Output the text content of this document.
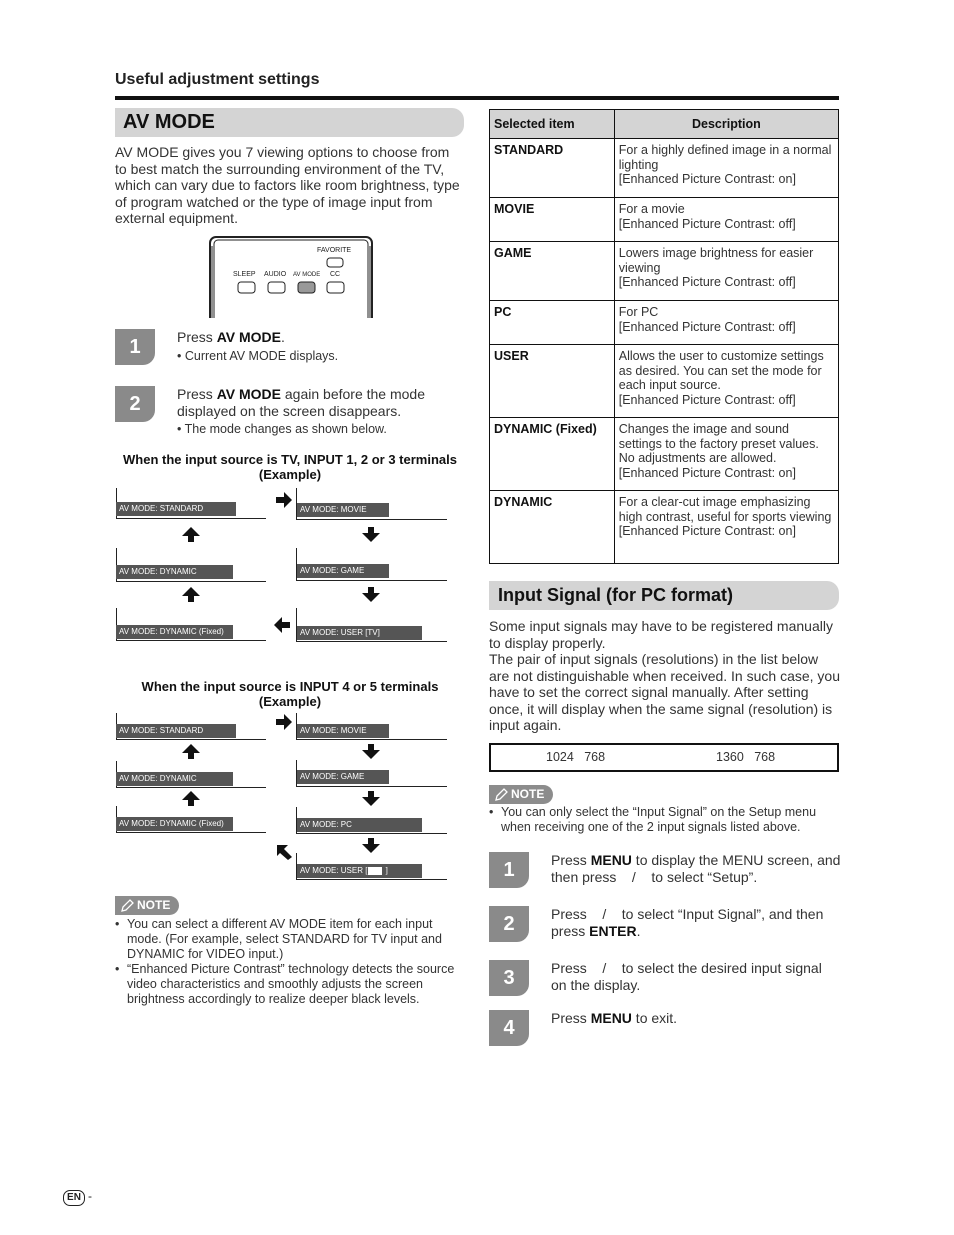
Useful adjustment settings
AV MODE
AV MODE gives you 7 viewing options to choose from to best match the surrounding environment of the TV, which can vary due to factors like room brightness, type of program watched or the type of image input from external equipment.
FAVORITE
SLEEP AUDIO AV MODE CC
1	Press AV MODE.
• Current AV MODE displays.
2	Press AV MODE again before the mode displayed on the screen disappears.
• The mode changes as shown below.
When the input source is TV, INPUT 1, 2 or 3 terminals (Example)
AV MODE: STANDARD	AV MODE: MOVIE
AV MODE: DYNAMIC	AV MODE: GAME
AV MODE: DYNAMIC (Fixed)	AV MODE: USER [TV]
When the input source is INPUT 4 or 5 terminals (Example)
AV MODE: STANDARD	AV MODE: MOVIE
AV MODE: DYNAMIC	AV MODE: GAME
AV MODE: DYNAMIC (Fixed)	AV MODE: PC
AV MODE: USER [ ]
NOTE
• You can select a different AV MODE item for each input mode. (For example, select STANDARD for TV input and DYNAMIC for VIDEO input.)
• “Enhanced Picture Contrast” technology detects the source video characteristics and smoothly adjusts the screen brightness accordingly to realize deeper black levels.
Selected item	Description
STANDARD	For a highly defined image in a normal lighting
[Enhanced Picture Contrast: on]

MOVIE	For a movie
[Enhanced Picture Contrast: off]

GAME	Lowers image brightness for easier viewing
[Enhanced Picture Contrast: off]

PC	For PC
[Enhanced Picture Contrast: off]

USER	Allows the user to customize settings as desired. You can set the mode for each input source.
[Enhanced Picture Contrast: off]

DYNAMIC (Fixed)	Changes the image and sound settings to the factory preset values. No adjustments are allowed.
[Enhanced Picture Contrast: on]

DYNAMIC	For a clear-cut image emphasizing high contrast, useful for sports viewing
[Enhanced Picture Contrast: on]
Input Signal (for PC format)
Some input signals may have to be registered manually to display properly.
The pair of input signals (resolutions) in the list below are not distinguishable when received. In such case, you have to set the correct signal manually. After setting once, it will display when the same signal (resolution) is input again.
1024   768	1360   768
NOTE
• You can only select the “Input Signal” on the Setup menu when receiving one of the 2 input signals listed above.
1	Press MENU to display the MENU screen, and then press    /    to select “Setup”.
2	Press    /    to select “Input Signal”, and then press ENTER.
3	Press    /    to select the desired input signal on the display.
4	Press MENU to exit.
EN -
